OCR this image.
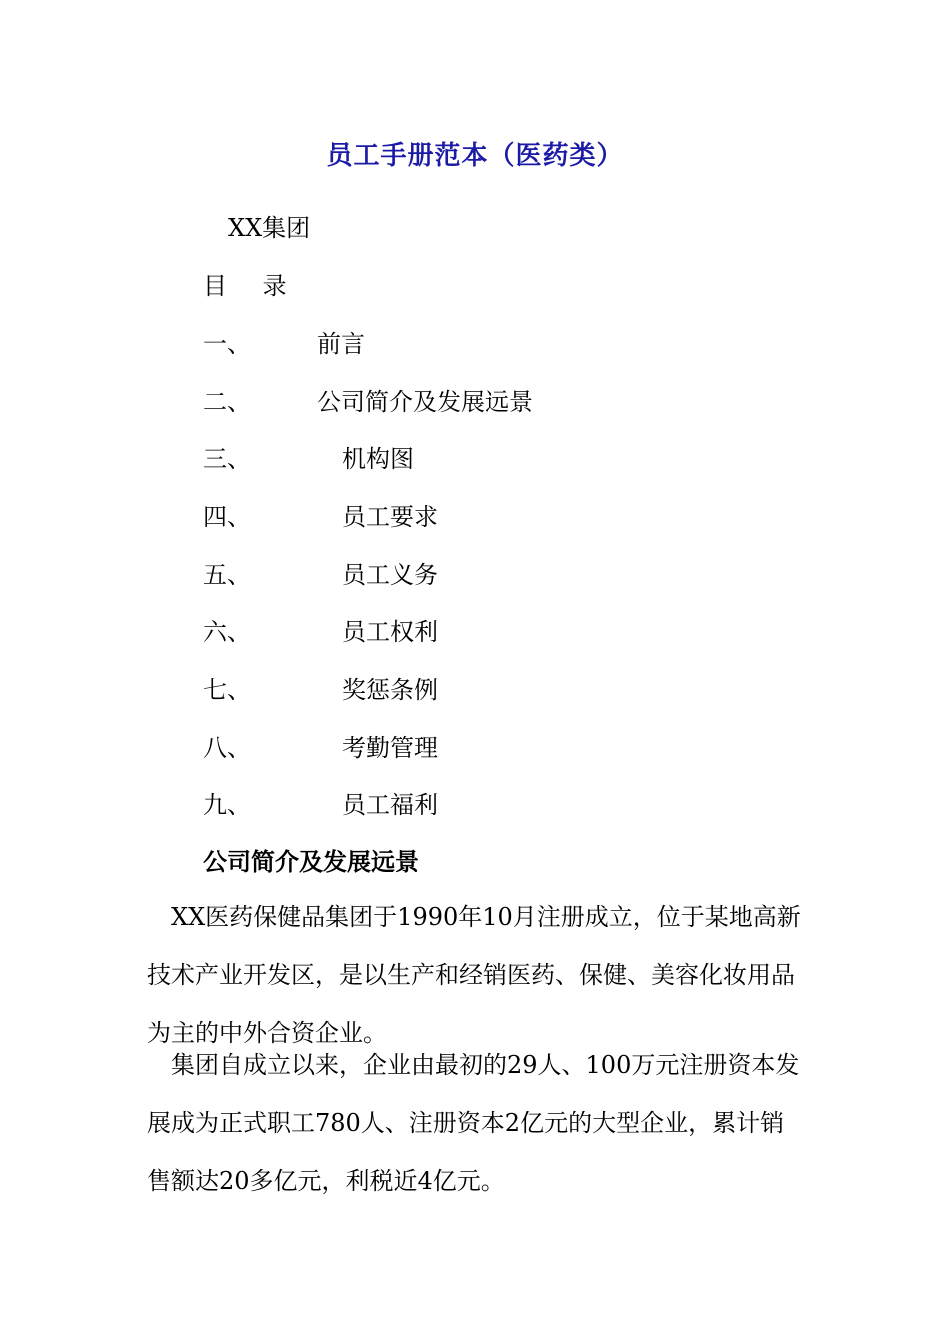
员工手册范本（医药类）

XX集团

目 录

一、	前言
二、	公司简介及发展远景
三、	机构图
四、	员工要求
五、	员工义务
六、	员工权利
七、	奖惩条例
八、	考勤管理
九、	员工福利
公司简介及发展远景

XX医药保健品集团于1990年10月注册成立，位于某地高新技术产业开发区，是以生产和经销医药、保健、美容化妆用品为主的中外合资企业。

集团自成立以来，企业由最初的29人、100万元注册资本发展成为正式职工780人、注册资本2亿元的大型企业，累计销售额达20多亿元，利税近4亿元。
